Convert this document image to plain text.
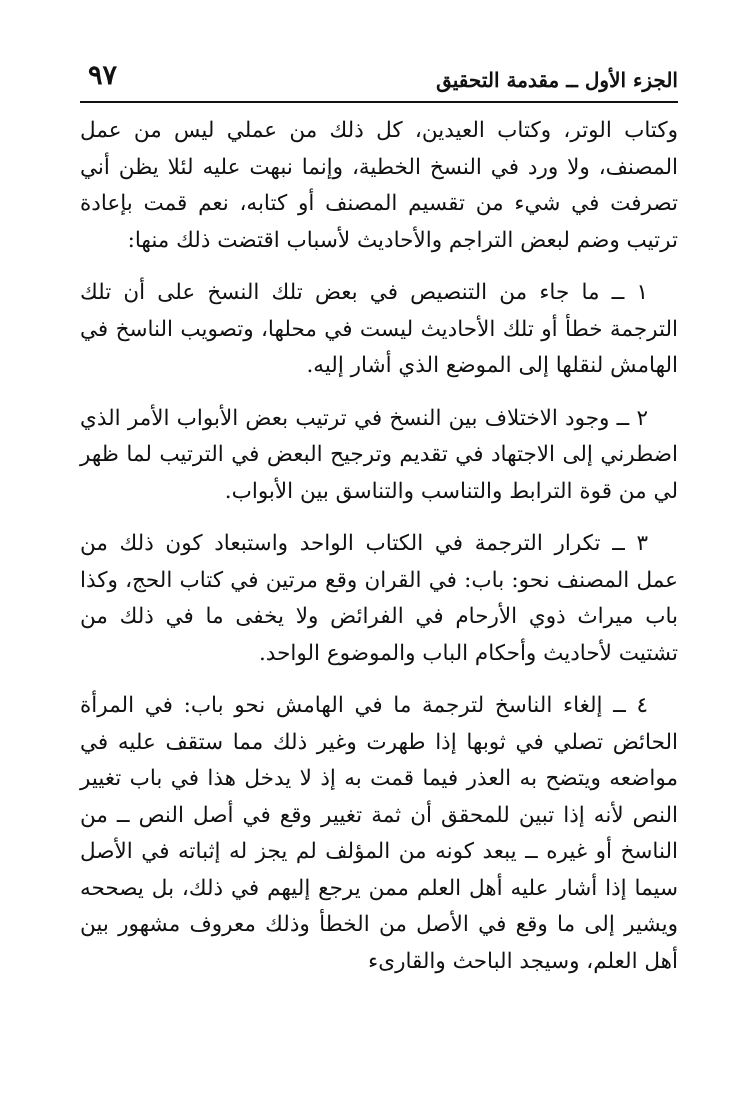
الجزء الأول ــ مقدمة التحقيق
٩٧

وكتاب الوتر، وكتاب العيدين، كل ذلك من عملي ليس من عمل المصنف، ولا ورد في النسخ الخطية، وإنما نبهت عليه لئلا يظن أني تصرفت في شيء من تقسيم المصنف أو كتابه، نعم قمت بإعادة ترتيب وضم لبعض التراجم والأحاديث لأسباب اقتضت ذلك منها:

١ ــ ما جاء من التنصيص في بعض تلك النسخ على أن تلك الترجمة خطأ أو تلك الأحاديث ليست في محلها، وتصويب الناسخ في الهامش لنقلها إلى الموضع الذي أشار إليه.

٢ ــ وجود الاختلاف بين النسخ في ترتيب بعض الأبواب الأمر الذي اضطرني إلى الاجتهاد في تقديم وترجيح البعض في الترتيب لما ظهر لي من قوة الترابط والتناسب والتناسق بين الأبواب.

٣ ــ تكرار الترجمة في الكتاب الواحد واستبعاد كون ذلك من عمل المصنف نحو: باب: في القران وقع مرتين في كتاب الحج، وكذا باب ميراث ذوي الأرحام في الفرائض ولا يخفى ما في ذلك من تشتيت لأحاديث وأحكام الباب والموضوع الواحد.

٤ ــ إلغاء الناسخ لترجمة ما في الهامش نحو باب: في المرأة الحائض تصلي في ثوبها إذا طهرت وغير ذلك مما ستقف عليه في مواضعه ويتضح به العذر فيما قمت به إذ لا يدخل هذا في باب تغيير النص لأنه إذا تبين للمحقق أن ثمة تغيير وقع في أصل النص ــ من الناسخ أو غيره ــ يبعد كونه من المؤلف لم يجز له إثباته في الأصل سيما إذا أشار عليه أهل العلم ممن يرجع إليهم في ذلك، بل يصححه ويشير إلى ما وقع في الأصل من الخطأ وذلك معروف مشهور بين أهل العلم، وسيجد الباحث والقارىء
